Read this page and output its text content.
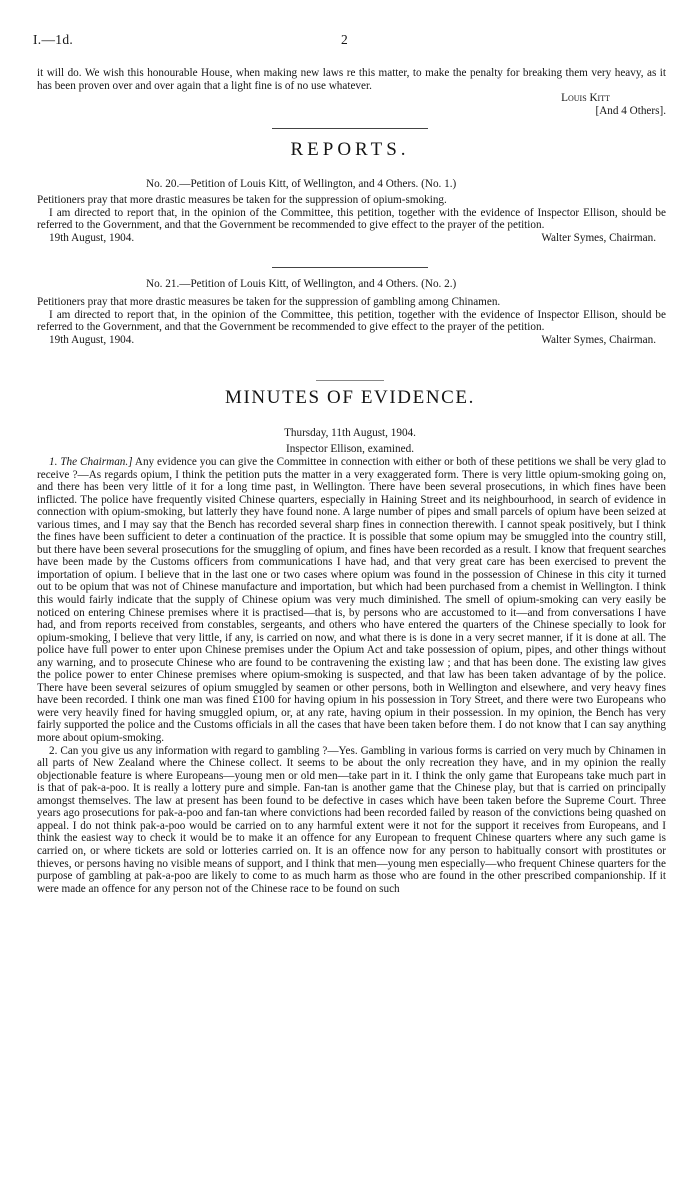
I.—1d.	2

it will do. We wish this honourable House, when making new laws re this matter, to make the penalty for breaking them very heavy, as it has been proven over and over again that a light fine is of no use whatever.

Louis Kitt
[And 4 Others].
REPORTS.
No. 20.—Petition of Louis Kitt, of Wellington, and 4 Others. (No. 1.)

Petitioners pray that more drastic measures be taken for the suppression of opium-smoking.

I am directed to report that, in the opinion of the Committee, this petition, together with the evidence of Inspector Ellison, should be referred to the Government, and that the Government be recommended to give effect to the prayer of the petition.

19th August, 1904.	Walter Symes, Chairman.
No. 21.—Petition of Louis Kitt, of Wellington, and 4 Others. (No. 2.)

Petitioners pray that more drastic measures be taken for the suppression of gambling among Chinamen.

I am directed to report that, in the opinion of the Committee, this petition, together with the evidence of Inspector Ellison, should be referred to the Government, and that the Government be recommended to give effect to the prayer of the petition.

19th August, 1904.	Walter Symes, Chairman.
MINUTES OF EVIDENCE.
Thursday, 11th August, 1904.
Inspector Ellison, examined.

1. The Chairman.] Any evidence you can give the Committee in connection with either or both of these petitions we shall be very glad to receive ?—As regards opium, I think the petition puts the matter in a very exaggerated form. There is very little opium-smoking going on, and there has been very little of it for a long time past, in Wellington. There have been several prosecutions, in which fines have been inflicted. The police have frequently visited Chinese quarters, especially in Haining Street and its neighbourhood, in search of evidence in connection with opium-smoking, but latterly they have found none. A large number of pipes and small parcels of opium have been seized at various times, and I may say that the Bench has recorded several sharp fines in connection therewith. I cannot speak positively, but I think the fines have been sufficient to deter a continuation of the practice. It is possible that some opium may be smuggled into the country still, but there have been several prosecutions for the smuggling of opium, and fines have been recorded as a result. I know that frequent searches have been made by the Customs officers from communications I have had, and that very great care has been exercised to prevent the importation of opium. I believe that in the last one or two cases where opium was found in the possession of Chinese in this city it turned out to be opium that was not of Chinese manufacture and importation, but which had been purchased from a chemist in Wellington. I think this would fairly indicate that the supply of Chinese opium was very much diminished. The smell of opium-smoking can very easily be noticed on entering Chinese premises where it is practised—that is, by persons who are accustomed to it—and from conversations I have had, and from reports received from constables, sergeants, and others who have entered the quarters of the Chinese specially to look for opium-smoking, I believe that very little, if any, is carried on now, and what there is is done in a very secret manner, if it is done at all. The police have full power to enter upon Chinese premises under the Opium Act and take possession of opium, pipes, and other things without any warning, and to prosecute Chinese who are found to be contravening the existing law ; and that has been done. The existing law gives the police power to enter Chinese premises where opium-smoking is suspected, and that law has been taken advantage of by the police. There have been several seizures of opium smuggled by seamen or other persons, both in Wellington and elsewhere, and very heavy fines have been recorded. I think one man was fined £100 for having opium in his possession in Tory Street, and there were two Europeans who were very heavily fined for having smuggled opium, or, at any rate, having opium in their possession. In my opinion, the Bench has very fairly supported the police and the Customs officials in all the cases that have been taken before them. I do not know that I can say anything more about opium-smoking.

2. Can you give us any information with regard to gambling ?—Yes. Gambling in various forms is carried on very much by Chinamen in all parts of New Zealand where the Chinese collect. It seems to be about the only recreation they have, and in my opinion the really objectionable feature is where Europeans—young men or old men—take part in it. I think the only game that Europeans take much part in is that of pak-a-poo. It is really a lottery pure and simple. Fan-tan is another game that the Chinese play, but that is carried on principally amongst themselves. The law at present has been found to be defective in cases which have been taken before the Supreme Court. Three years ago prosecutions for pak-a-poo and fan-tan where convictions had been recorded failed by reason of the convictions being quashed on appeal. I do not think pak-a-poo would be carried on to any harmful extent were it not for the support it receives from Europeans, and I think the easiest way to check it would be to make it an offence for any European to frequent Chinese quarters where any such game is carried on, or where tickets are sold or lotteries carried on. It is an offence now for any person to habitually consort with prostitutes or thieves, or persons having no visible means of support, and I think that men—young men especially—who frequent Chinese quarters for the purpose of gambling at pak-a-poo are likely to come to as much harm as those who are found in the other prescribed companionship. If it were made an offence for any person not of the Chinese race to be found on such
